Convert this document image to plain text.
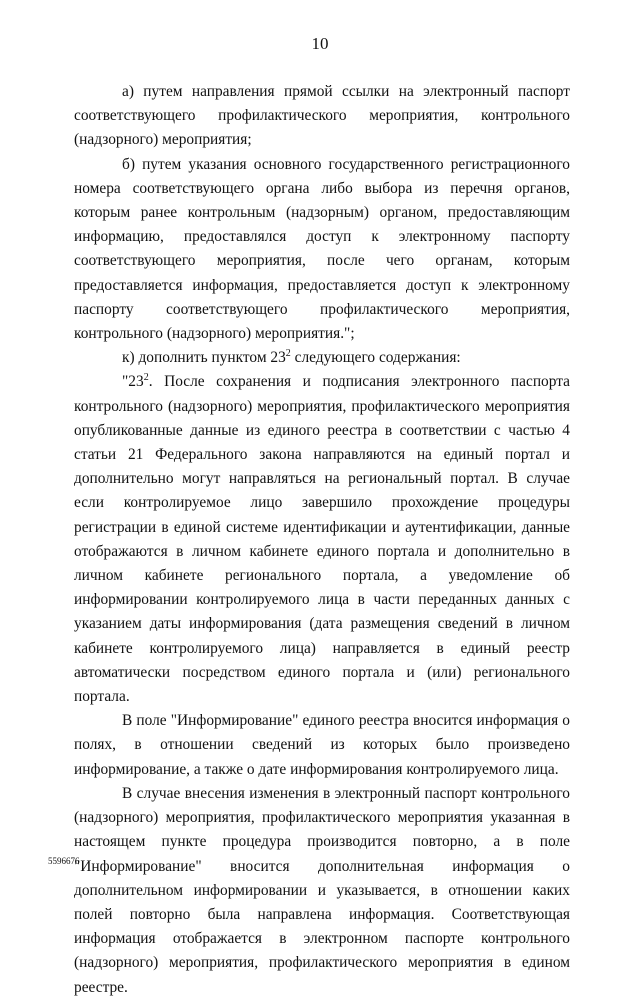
10

а) путем направления прямой ссылки на электронный паспорт соответствующего профилактического мероприятия, контрольного (надзорного) мероприятия;

б) путем указания основного государственного регистрационного номера соответствующего органа либо выбора из перечня органов, которым ранее контрольным (надзорным) органом, предоставляющим информацию, предоставлялся доступ к электронному паспорту соответствующего мероприятия, после чего органам, которым предоставляется информация, предоставляется доступ к электронному паспорту соответствующего профилактического мероприятия, контрольного (надзорного) мероприятия.";

к) дополнить пунктом $23^2$ следующего содержания:

"$23^2$. После сохранения и подписания электронного паспорта контрольного (надзорного) мероприятия, профилактического мероприятия опубликованные данные из единого реестра в соответствии с частью 4 статьи 21 Федерального закона направляются на единый портал и дополнительно могут направляться на региональный портал. В случае если контролируемое лицо завершило прохождение процедуры регистрации в единой системе идентификации и аутентификации, данные отображаются в личном кабинете единого портала и дополнительно в личном кабинете регионального портала, а уведомление об информировании контролируемого лица в части переданных данных с указанием даты информирования (дата размещения сведений в личном кабинете контролируемого лица) направляется в единый реестр автоматически посредством единого портала и (или) регионального портала.

В поле "Информирование" единого реестра вносится информация о полях, в отношении сведений из которых было произведено информирование, а также о дате информирования контролируемого лица.

В случае внесения изменения в электронный паспорт контрольного (надзорного) мероприятия, профилактического мероприятия указанная в настоящем пункте процедура производится повторно, а в поле "Информирование" вносится дополнительная информация о дополнительном информировании и указывается, в отношении каких полей повторно была направлена информация. Соответствующая информация отображается в электронном паспорте контрольного (надзорного) мероприятия, профилактического мероприятия в едином реестре.

5596676
